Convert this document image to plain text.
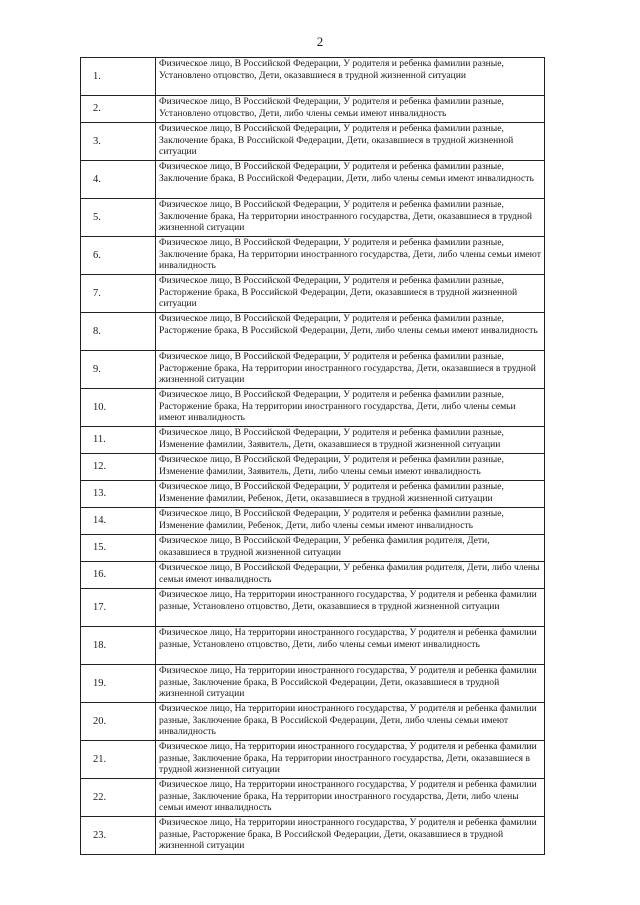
2
1.	Физическое лицо, В Российской Федерации, У родителя и ребенка фамилии разные, Установлено отцовство, Дети, оказавшиеся в трудной жизненной ситуации
2.	Физическое лицо, В Российской Федерации, У родителя и ребенка фамилии разные, Установлено отцовство, Дети, либо члены семьи имеют инвалидность
3.	Физическое лицо, В Российской Федерации, У родителя и ребенка фамилии разные, Заключение брака, В Российской Федерации, Дети, оказавшиеся в трудной жизненной ситуации
4.	Физическое лицо, В Российской Федерации, У родителя и ребенка фамилии разные, Заключение брака, В Российской Федерации, Дети, либо члены семьи имеют инвалидность
5.	Физическое лицо, В Российской Федерации, У родителя и ребенка фамилии разные, Заключение брака, На территории иностранного государства, Дети, оказавшиеся в трудной жизненной ситуации
6.	Физическое лицо, В Российской Федерации, У родителя и ребенка фамилии разные, Заключение брака, На территории иностранного государства, Дети, либо члены семьи имеют инвалидность
7.	Физическое лицо, В Российской Федерации, У родителя и ребенка фамилии разные, Расторжение брака, В Российской Федерации, Дети, оказавшиеся в трудной жизненной ситуации
8.	Физическое лицо, В Российской Федерации, У родителя и ребенка фамилии разные, Расторжение брака, В Российской Федерации, Дети, либо члены семьи имеют инвалидность
9.	Физическое лицо, В Российской Федерации, У родителя и ребенка фамилии разные, Расторжение брака, На территории иностранного государства, Дети, оказавшиеся в трудной жизненной ситуации
10.	Физическое лицо, В Российской Федерации, У родителя и ребенка фамилии разные, Расторжение брака, На территории иностранного государства, Дети, либо члены семьи имеют инвалидность
11.	Физическое лицо, В Российской Федерации, У родителя и ребенка фамилии разные, Изменение фамилии, Заявитель, Дети, оказавшиеся в трудной жизненной ситуации
12.	Физическое лицо, В Российской Федерации, У родителя и ребенка фамилии разные, Изменение фамилии, Заявитель, Дети, либо члены семьи имеют инвалидность
13.	Физическое лицо, В Российской Федерации, У родителя и ребенка фамилии разные, Изменение фамилии, Ребенок, Дети, оказавшиеся в трудной жизненной ситуации
14.	Физическое лицо, В Российской Федерации, У родителя и ребенка фамилии разные, Изменение фамилии, Ребенок, Дети, либо члены семьи имеют инвалидность
15.	Физическое лицо, В Российской Федерации, У ребенка фамилия родителя, Дети, оказавшиеся в трудной жизненной ситуации
16.	Физическое лицо, В Российской Федерации, У ребенка фамилия родителя, Дети, либо члены семьи имеют инвалидность
17.	Физическое лицо, На территории иностранного государства, У родителя и ребенка фамилии разные, Установлено отцовство, Дети, оказавшиеся в трудной жизненной ситуации
18.	Физическое лицо, На территории иностранного государства, У родителя и ребенка фамилии разные, Установлено отцовство, Дети, либо члены семьи имеют инвалидность
19.	Физическое лицо, На территории иностранного государства, У родителя и ребенка фамилии разные, Заключение брака, В Российской Федерации, Дети, оказавшиеся в трудной жизненной ситуации
20.	Физическое лицо, На территории иностранного государства, У родителя и ребенка фамилии разные, Заключение брака, В Российской Федерации, Дети, либо члены семьи имеют инвалидность
21.	Физическое лицо, На территории иностранного государства, У родителя и ребенка фамилии разные, Заключение брака, На территории иностранного государства, Дети, оказавшиеся в трудной жизненной ситуации
22.	Физическое лицо, На территории иностранного государства, У родителя и ребенка фамилии разные, Заключение брака, На территории иностранного государства, Дети, либо члены семьи имеют инвалидность
23.	Физическое лицо, На территории иностранного государства, У родителя и ребенка фамилии разные, Расторжение брака, В Российской Федерации, Дети, оказавшиеся в трудной жизненной ситуации
